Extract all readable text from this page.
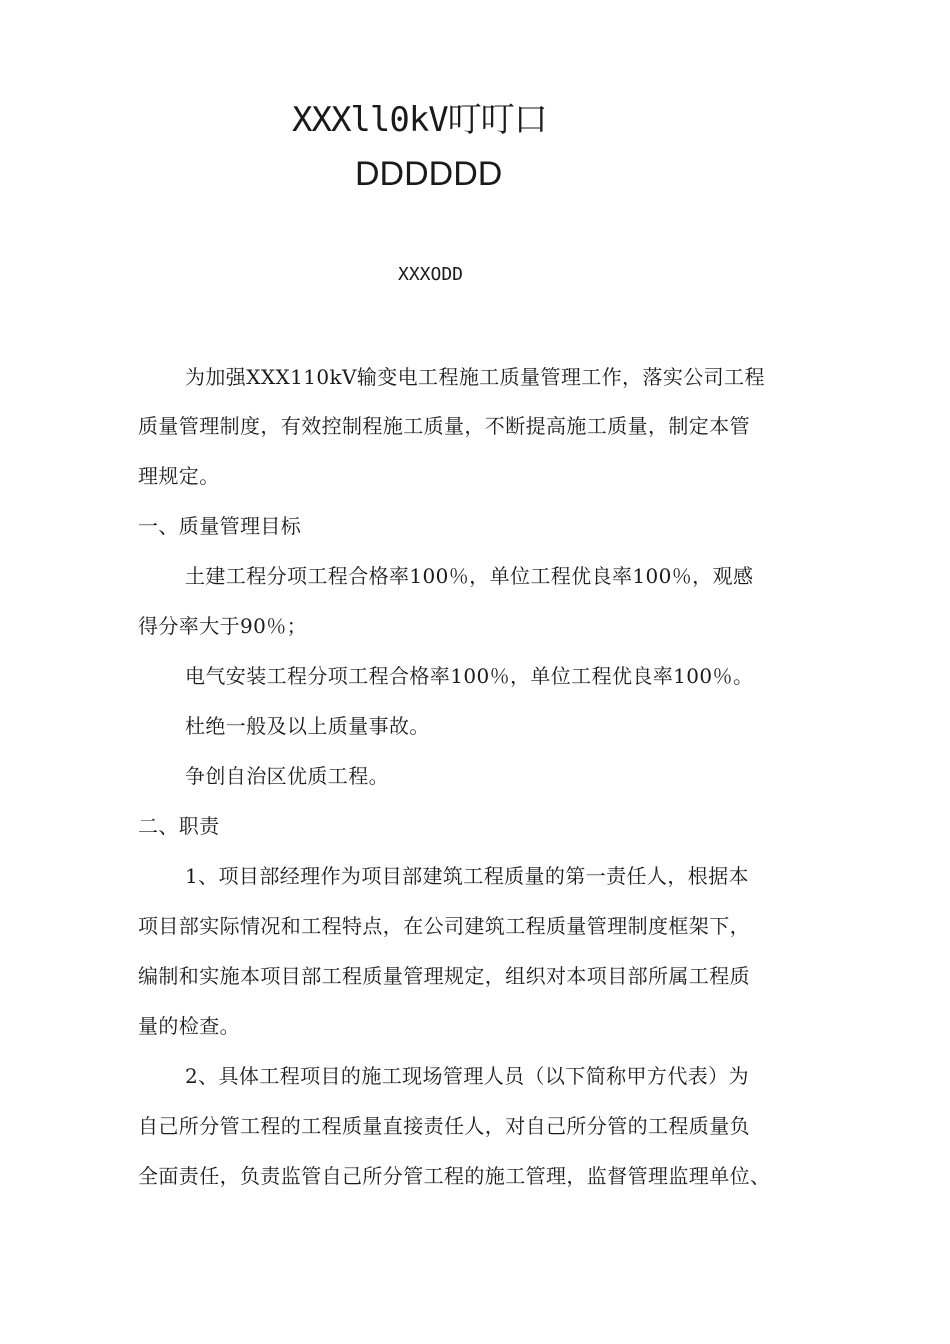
XXXll0kV叮叮口
DDDDDD
XXXODD
为加强XXX110kV输变电工程施工质量管理工作，落实公司工程
质量管理制度，有效控制程施工质量，不断提高施工质量，制定本管
理规定。
一、质量管理目标
土建工程分项工程合格率100％，单位工程优良率100％，观感
得分率大于90％；
电气安装工程分项工程合格率100％，单位工程优良率100％。
杜绝一般及以上质量事故。
争创自治区优质工程。
二、职责
1、项目部经理作为项目部建筑工程质量的第一责任人，根据本
项目部实际情况和工程特点，在公司建筑工程质量管理制度框架下，
编制和实施本项目部工程质量管理规定，组织对本项目部所属工程质
量的检查。
2、具体工程项目的施工现场管理人员（以下简称甲方代表）为
自己所分管工程的工程质量直接责任人，对自己所分管的工程质量负
全面责任，负责监管自己所分管工程的施工管理，监督管理监理单位、
